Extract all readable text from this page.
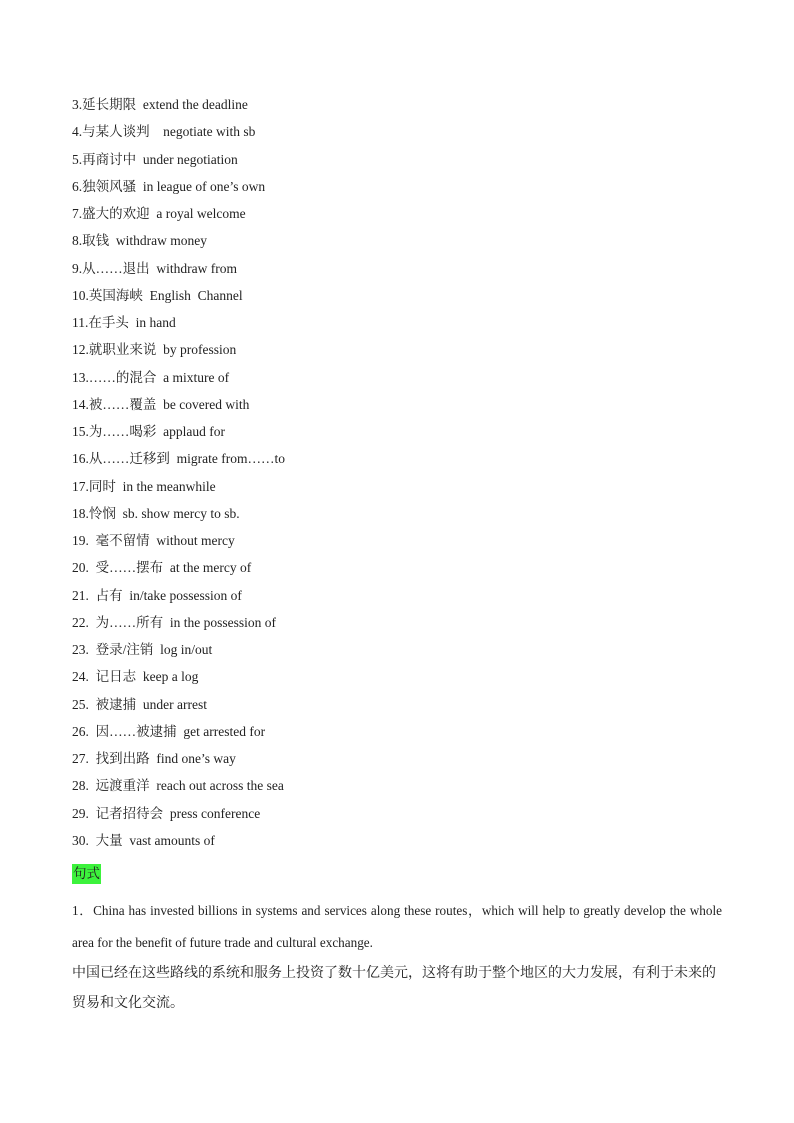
3.延长期限  extend the deadline
4.与某人谈判    negotiate with sb
5.再商讨中  under negotiation
6.独领风骚  in league of one’s own
7.盛大的欢迎  a royal welcome
8.取钱  withdraw money
9.从……退出  withdraw from
10.英国海峡  English  Channel
11.在手头  in hand
12.就职业来说  by profession
13.……的混合  a mixture of
14.被……覆盖  be covered with
15.为……喝彩  applaud for
16.从……迁移到  migrate from……to
17.同时  in the meanwhile
18.怜悯  sb. show mercy to sb.
19.  毫不留情  without mercy
20.  受……摆布  at the mercy of
21.  占有  in/take possession of
22.  为……所有  in the possession of
23.  登录/注销  log in/out
24.  记日志  keep a log
25.  被逮捕  under arrest
26.  因……被逮捕  get arrested for
27.  找到出路  find one’s way
28.  远渡重洋  reach out across the sea
29.  记者招待会  press conference
30.  大量  vast amounts of
句式
1．China has invested billions in systems and services along these routes，which will help to greatly develop the whole area for the benefit of future trade and cultural exchange.
中国已经在这些路线的系统和服务上投资了数十亿美元，这将有助于整个地区的大力发展，有利于未来的贸易和文化交流。
